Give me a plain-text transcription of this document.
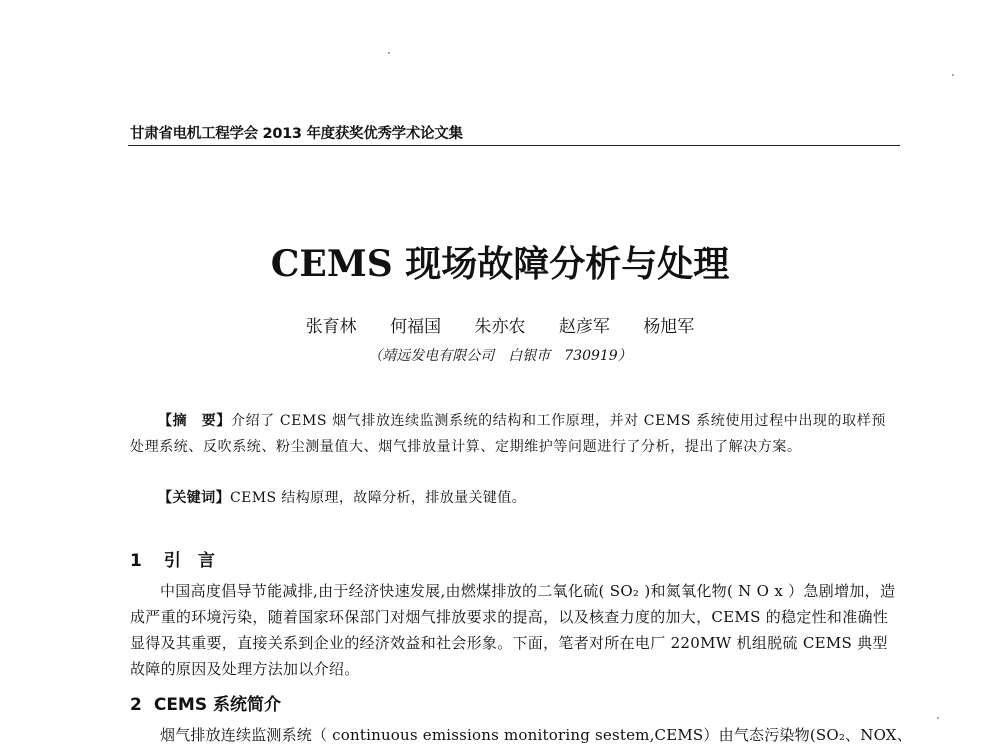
甘肃省电机工程学会 2013 年度获奖优秀学术论文集
CEMS 现场故障分析与处理
张育林 何福国 朱亦农 赵彦军 杨旭军
（靖远发电有限公司　白银市　730919）
【摘　要】介绍了 CEMS 烟气排放连续监测系统的结构和工作原理，并对 CEMS 系统使用过程中出现的取样预处理系统、反吹系统、粉尘测量值大、烟气排放量计算、定期维护等问题进行了分析，提出了解决方案。
【关键词】CEMS 结构原理，故障分析，排放量关键值。
1 引　言
中国高度倡导节能减排,由于经济快速发展,由燃煤排放的二氧化硫( SO₂ )和氮氧化物( N O x ）急剧增加，造成严重的环境污染，随着国家环保部门对烟气排放要求的提高，以及核查力度的加大，CEMS 的稳定性和准确性显得及其重要，直接关系到企业的经济效益和社会形象。下面，笔者对所在电厂 220MW 机组脱硫 CEMS 典型故障的原因及处理方法加以介绍。
2 CEMS 系统简介
烟气排放连续监测系统（ continuous emissions monitoring sestem,CEMS）由气态污染物(SO₂、NOX、
